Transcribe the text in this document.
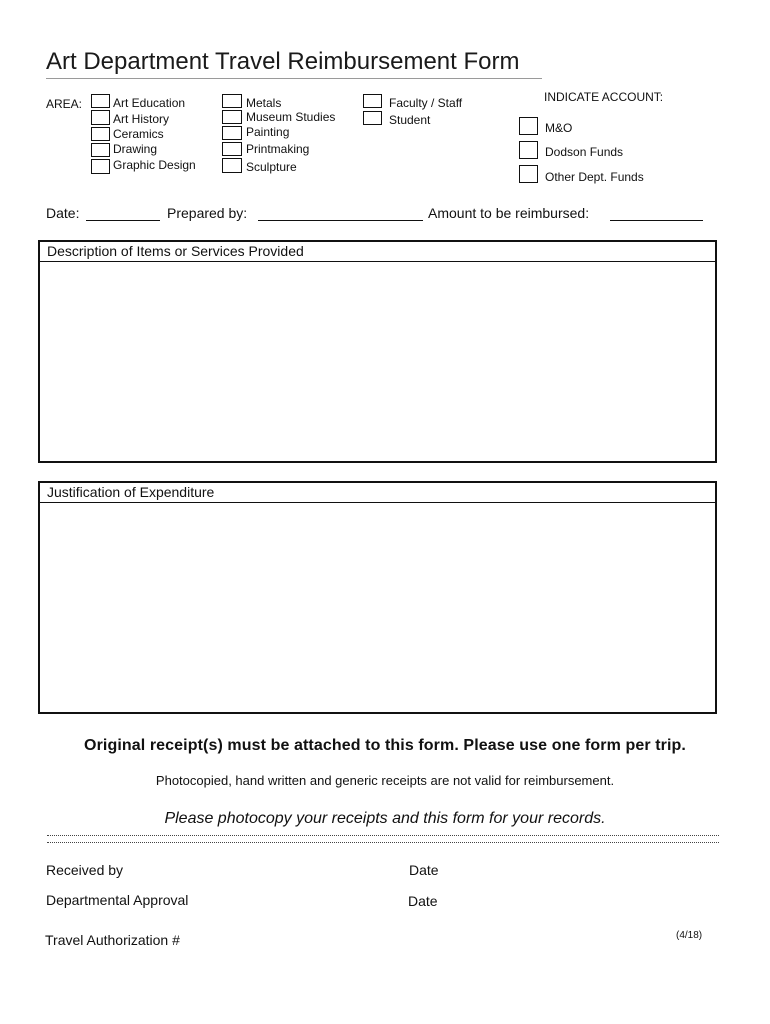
Art Department Travel Reimbursement Form
AREA:	Art Education
Art History
Ceramics
Drawing
Graphic Design
Metals
Museum Studies
Painting
Printmaking
Sculpture
Faculty / Staff
Student
INDICATE ACCOUNT:
M&O
Dodson Funds
Other Dept. Funds
Date:	Prepared by:	Amount to be reimbursed:
Description of Items or Services Provided
Justification of Expenditure
Original receipt(s) must be attached to this form. Please use one form per trip.
Photocopied, hand written and generic receipts are not valid for reimbursement.
Please photocopy your receipts and this form for your records.
Received by	Date
Departmental Approval	Date
Travel Authorization #	(4/18)
